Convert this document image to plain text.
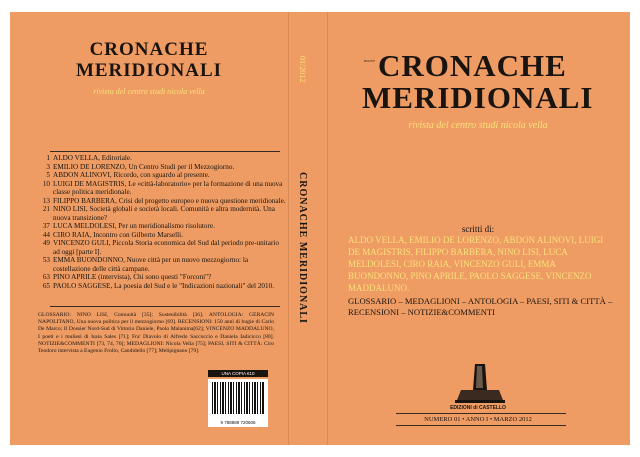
CRONACHE
MERIDIONALI
rivista del centro studi nicola vella
1 ALDO VELLA, Editoriale.
3 EMILIO DE LORENZO, Un Centro Studi per il Mezzogiorno.
5 ABDON ALINOVI, Ricordo, con sguardo al presente.
10 LUIGI DE MAGISTRIS, Le «città-laboratorio» per la formazione di una nuova classe politica meridionale.
13 FILIPPO BARBERA, Crisi del progetto europeo e nuova questione meridionale.
21 NINO LISI, Società globali e società locali. Comunità e altra modernità. Una nuova transizione?
37 LUCA MELDOLESI, Per un meridionalismo risolutore.
44 CIRO RAIA, Incontro con Gilberto Marselli.
49 VINCENZO GULI, Piccola Storia economica del Sud dal periodo pre-unitario ad oggi [parte I].
53 EMMA BUONDONNO, Nuove città per un nuovo mezzogiorno: la costellazione delle città campane.
63 PINO APRILE (intervista), Chi sono questi "Forconi"?
65 PAOLO SAGGESE, La poesia del Sud e le "Indicazioni nazionali" del 2010.
GLOSSARIO: NINO LISI, Comunità [35]; Sostenibilità [36]. ANTOLOGIA: GERACIN NAPOLITANO, Una nuova politica per il mezzogiorno [69]. RECENSIONI: 150 anni di bugie di Carlo De Marco; Il Dossier Nord-Sud di Vittorio Daniele, Paolo Malanima[62]; VINCENZO MADDALUNO, I poeti e i muliesi di Isaia Sales [71]; Fra' Diavolo di Alfredo Saccoccio e Daniela Iadicicco [80]. NOTIZIE&COMMENTI [73, 74, 76]; MEDAGLIONI: Nicola Vella [75]; PAESI, SITI & CITTÀ: Ciro Teodoro intervista a Eugenio Frollo, Candidello [77]; Melipignano [79].
UNA COPIA €10
9 788889 720606
01/2012
CRONACHE MERIDIONALI
nuove CRONACHE
MERIDIONALI
rivista del centro studi nicola vella
scritti di:
ALDO VELLA, EMILIO DE LORENZO, ABDON ALINOVI, LUIGI DE MAGISTRIS, FILIPPO BARBERA, NINO LISI, LUCA MELDOLESI, CIRO RAIA, VINCENZO GULI, EMMA BUONDONNO, PINO APRILE, PAOLO SAGGESE, VINCENZO MADDALUNO.
GLOSSARIO – MEDAGLIONI – ANTOLOGIA – PAESI, SITI & CITTÀ – RECENSIONI – NOTIZIE&COMMENTI
EDIZIONI di CASTELLO
NUMERO 01 • ANNO I • MARZO 2012
